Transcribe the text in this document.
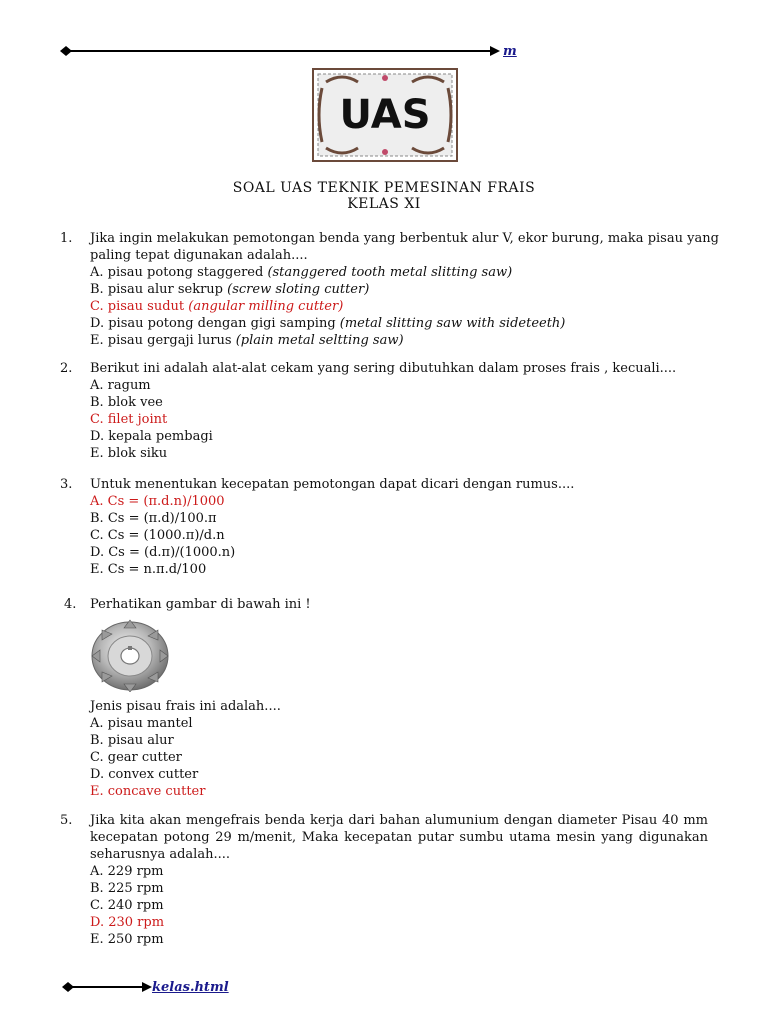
m
UAS
SOAL UAS TEKNIK PEMESINAN FRAIS
KELAS XI
1.	Jika ingin melakukan pemotongan benda yang berbentuk alur V, ekor burung, maka pisau yang paling tepat digunakan adalah....
A. pisau potong staggered (stanggered tooth metal slitting saw)
B. pisau alur sekrup (screw sloting cutter)
C. pisau sudut (angular milling cutter)
D. pisau potong dengan gigi samping (metal slitting saw with sideteeth)
E. pisau gergaji lurus (plain metal seltting saw)
2.	Berikut ini adalah alat-alat cekam yang sering dibutuhkan dalam proses frais , kecuali....
A. ragum
B. blok vee
C. filet joint
D. kepala pembagi
E. blok siku
3.	Untuk menentukan kecepatan pemotongan dapat dicari dengan rumus....
A. Cs = (π.d.n)/1000
B. Cs = (π.d)/100.π
C. Cs = (1000.π)/d.n
D. Cs = (d.π)/(1000.n)
E. Cs = n.π.d/100
4.	Perhatikan gambar di bawah ini !
Jenis pisau frais ini adalah....
A. pisau mantel
B. pisau alur
C. gear cutter
D. convex cutter
E. concave cutter
5.	Jika kita akan mengefrais benda kerja dari bahan alumunium dengan diameter Pisau 40 mm kecepatan potong 29 m/menit, Maka kecepatan putar sumbu utama mesin yang digunakan seharusnya adalah....
A. 229 rpm
B. 225 rpm
C. 240 rpm
D. 230 rpm
E. 250 rpm
kelas.html
